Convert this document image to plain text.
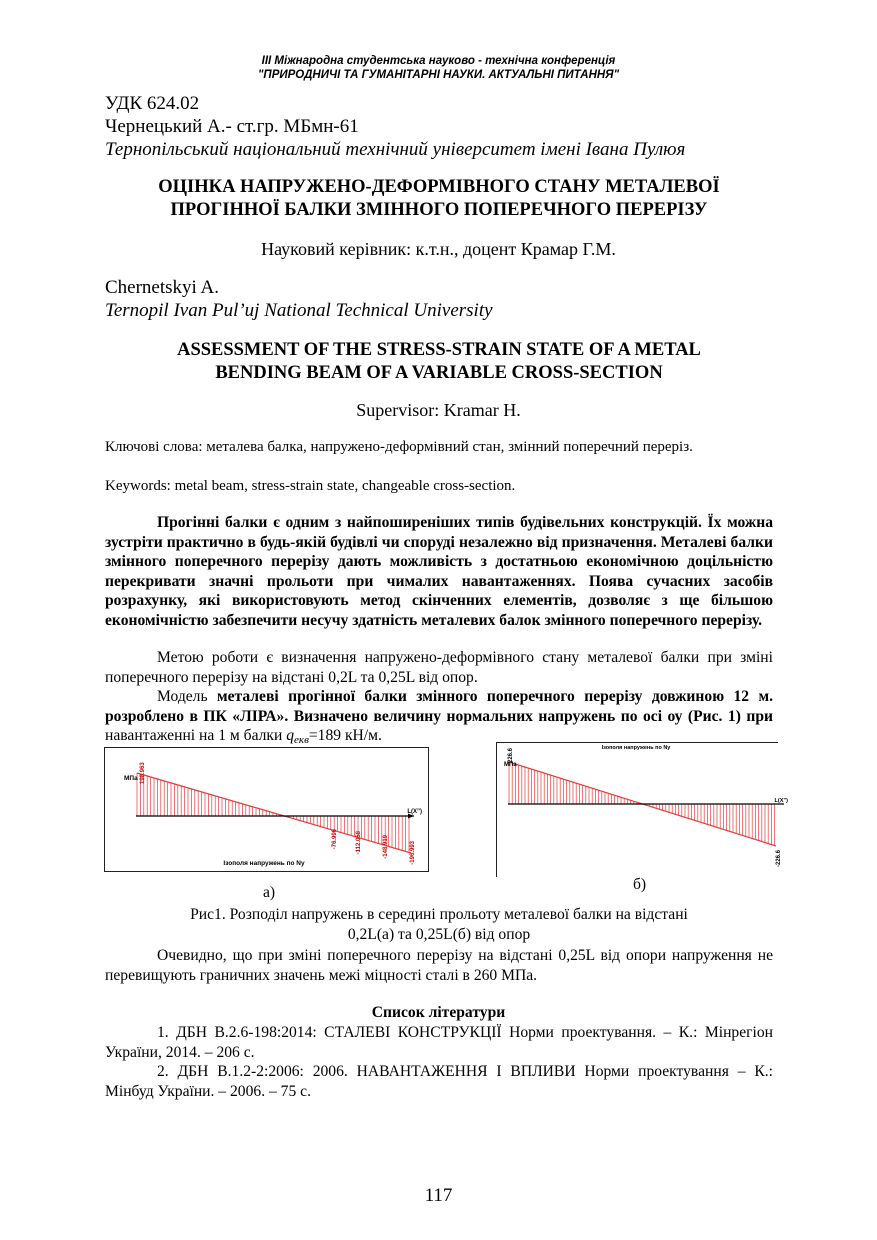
ІІІ Міжнародна студентська науково - технічна конференція
"ПРИРОДНИЧІ ТА ГУМАНІТАРНІ НАУКИ. АКТУАЛЬНІ ПИТАННЯ"
УДК 624.02
Чернецький А.- ст.гр. МБмн-61
Тернопільський національний технічний університет імені Івана Пулюя
ОЦІНКА НАПРУЖЕНО-ДЕФОРМІВНОГО СТАНУ МЕТАЛЕВОЇ
ПРОГІННОЇ БАЛКИ ЗМІННОГО ПОПЕРЕЧНОГО ПЕРЕРІЗУ
Науковий керівник: к.т.н., доцент Крамар Г.М.
Chernetskyi A.
Ternopil Ivan Pul’uj National Technical University
ASSESSMENT OF THE STRESS-STRAIN STATE OF A METAL
BENDING BEAM OF A VARIABLE CROSS-SECTION
Supervisor: Kramar H.
Ключові слова: металева балка, напружено-деформівний стан, змінний поперечний переріз.
Keywords: metal beam, stress-strain state, changeable cross-section.
Прогінні балки є одним з найпоширеніших типів будівельних конструкцій. Їх можна зустріти практично в будь-якій будівлі чи споруді незалежно від призначення. Металеві балки змінного поперечного перерізу дають можливість з достатньою економічною доцільністю перекривати значні прольоти при чималих навантаженнях. Поява сучасних засобів розрахунку, які використовують метод скінченних елементів, дозволяє з ще більшою економічністю забезпечити несучу здатність металевих балок змінного поперечного перерізу.
Метою роботи є визначення напружено-деформівного стану металевої балки при зміні поперечного перерізу на відстані 0,2L та 0,25L від опор.
Модель металеві прогінної балки змінного поперечного перерізу довжиною 12 м. розроблено в ПК «ЛІРА». Визначено величину нормальних напружень по осі оу (Рис. 1) при навантаженні на 1 м балки qекв=189 кН/м.
МПа
L(X”)
Ізополя напружень по Ny
198.963
-76.996	-112.058	-148.919	-196.993
а)
Ізополя напружень по Ny
МПа
L(X”)
226.6
-226.6
б)
Рис1. Розподіл напружень в середині прольоту металевої балки на відстані
0,2L(а) та 0,25L(б) від опор
Очевидно, що при зміні поперечного перерізу на відстані 0,25L від опори напруження не перевищують граничних значень межі міцності сталі в 260 МПа.
Список літератури
1. ДБН В.2.6-198:2014: СТАЛЕВІ КОНСТРУКЦІЇ Норми проектування. – К.: Мінрегіон України, 2014. – 206 с.
2. ДБН В.1.2-2:2006: 2006. НАВАНТАЖЕННЯ І ВПЛИВИ Норми проектування – К.: Мінбуд України. – 2006. – 75 с.
117
